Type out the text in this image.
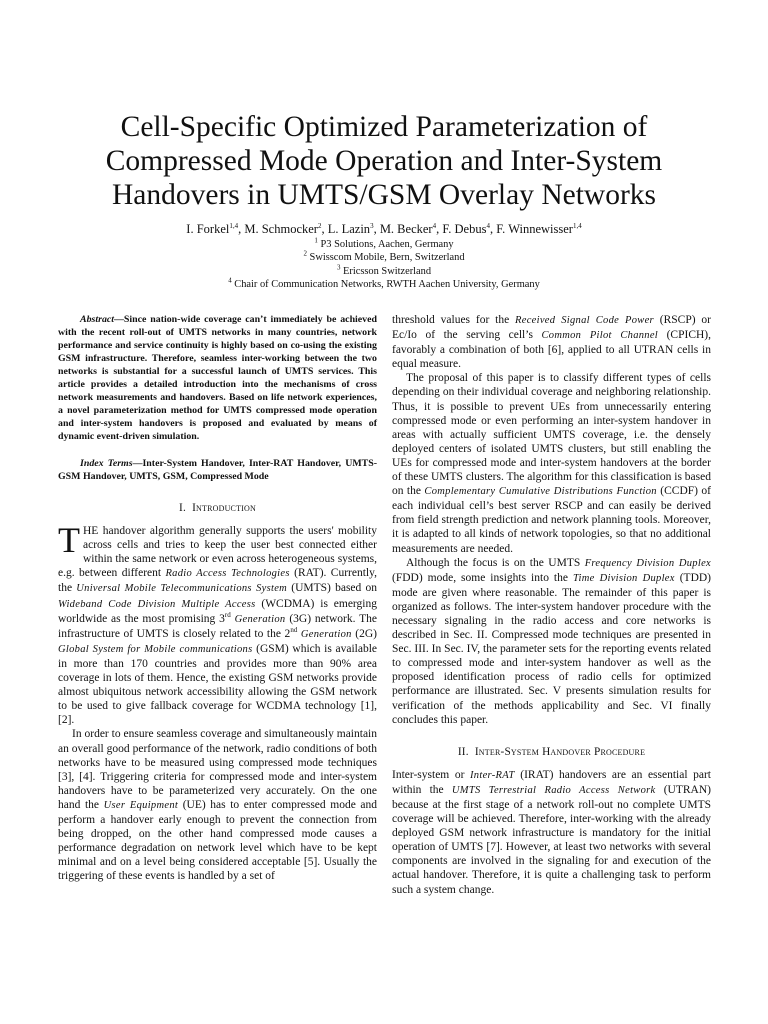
Cell-Specific Optimized Parameterization of Compressed Mode Operation and Inter-System Handovers in UMTS/GSM Overlay Networks
I. Forkel$^{1,4}$, M. Schmocker$^2$, L. Lazin$^3$, M. Becker$^4$, F. Debus$^4$, F. Winnewisser$^{1,4}$
$^1$ P3 Solutions, Aachen, Germany
$^2$ Swisscom Mobile, Bern, Switzerland
$^3$ Ericsson Switzerland
$^4$ Chair of Communication Networks, RWTH Aachen University, Germany

Abstract—Since nation-wide coverage can’t immediately be achieved with the recent roll-out of UMTS networks in many countries, network performance and service continuity is highly based on co-using the existing GSM infrastructure. Therefore, seamless inter-working between the two networks is substantial for a successful launch of UMTS services. This article provides a detailed introduction into the mechanisms of cross network measurements and handovers. Based on life network experiences, a novel parameterization method for UMTS compressed mode operation and inter-system handovers is proposed and evaluated by means of dynamic event-driven simulation.

Index Terms—Inter-System Handover, Inter-RAT Handover, UMTS-GSM Handover, UMTS, GSM, Compressed Mode

I. Introduction

THE handover algorithm generally supports the users' mobility across cells and tries to keep the user best connected either within the same network or even across heterogeneous systems, e.g. between different Radio Access Technologies (RAT). Currently, the Universal Mobile Telecommunications System (UMTS) based on Wideband Code Division Multiple Access (WCDMA) is emerging worldwide as the most promising 3rd Generation (3G) network. The infrastructure of UMTS is closely related to the 2nd Generation (2G) Global System for Mobile communications (GSM) which is available in more than 170 countries and provides more than 90% area coverage in lots of them. Hence, the existing GSM networks provide almost ubiquitous network accessibility allowing the GSM network to be used to give fallback coverage for WCDMA technology [1], [2].

In order to ensure seamless coverage and simultaneously maintain an overall good performance of the network, radio conditions of both networks have to be measured using compressed mode techniques [3], [4]. Triggering criteria for compressed mode and inter-system handovers have to be parameterized very accurately. On the one hand the User Equipment (UE) has to enter compressed mode and perform a handover early enough to prevent the connection from being dropped, on the other hand compressed mode causes a performance degradation on network level which have to be kept minimal and on a level being considered acceptable [5]. Usually the triggering of these events is handled by a set of

threshold values for the Received Signal Code Power (RSCP) or Ec/Io of the serving cell’s Common Pilot Channel (CPICH), favorably a combination of both [6], applied to all UTRAN cells in equal measure.

The proposal of this paper is to classify different types of cells depending on their individual coverage and neighboring relationship. Thus, it is possible to prevent UEs from unnecessarily entering compressed mode or even performing an inter-system handover in areas with actually sufficient UMTS coverage, i.e. the densely deployed centers of isolated UMTS clusters, but still enabling the UEs for compressed mode and inter-system handovers at the border of these UMTS clusters. The algorithm for this classification is based on the Complementary Cumulative Distributions Function (CCDF) of each individual cell’s best server RSCP and can easily be derived from field strength prediction and network planning tools. Moreover, it is adapted to all kinds of network topologies, so that no additional measurements are needed.

Although the focus is on the UMTS Frequency Division Duplex (FDD) mode, some insights into the Time Division Duplex (TDD) mode are given where reasonable. The remainder of this paper is organized as follows. The inter-system handover procedure with the necessary signaling in the radio access and core networks is described in Sec. II. Compressed mode techniques are presented in Sec. III. In Sec. IV, the parameter sets for the reporting events related to compressed mode and inter-system handover as well as the proposed identification process of radio cells for optimized performance are illustrated. Sec. V presents simulation results for verification of the methods applicability and Sec. VI finally concludes this paper.

II. Inter-System Handover Procedure

Inter-system or Inter-RAT (IRAT) handovers are an essential part within the UMTS Terrestrial Radio Access Network (UTRAN) because at the first stage of a network roll-out no complete UMTS coverage will be achieved. Therefore, inter-working with the already deployed GSM network infrastructure is mandatory for the initial operation of UMTS [7]. However, at least two networks with several components are involved in the signaling for and execution of the actual handover. Therefore, it is quite a challenging task to perform such a system change.
